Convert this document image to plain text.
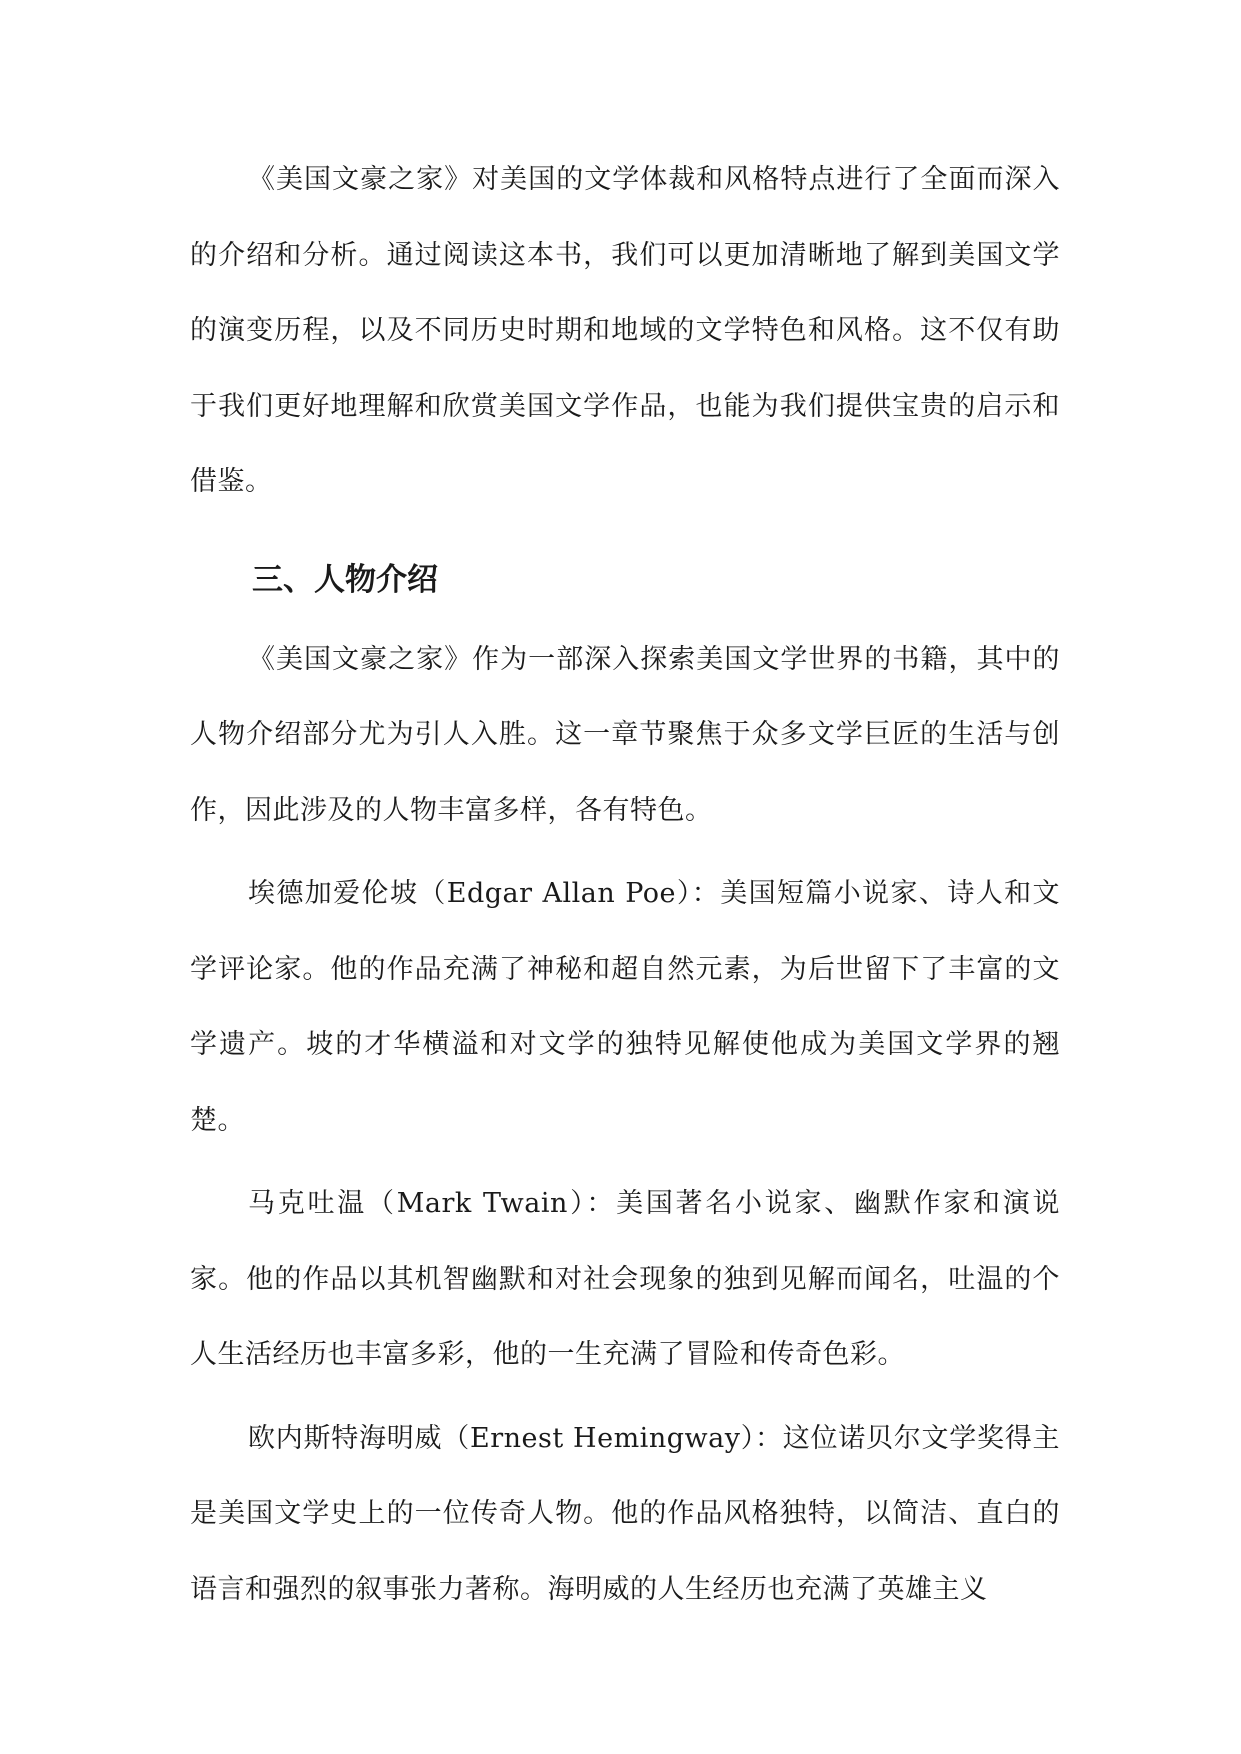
《美国文豪之家》对美国的文学体裁和风格特点进行了全面而深入的介绍和分析。通过阅读这本书，我们可以更加清晰地了解到美国文学的演变历程，以及不同历史时期和地域的文学特色和风格。这不仅有助于我们更好地理解和欣赏美国文学作品，也能为我们提供宝贵的启示和借鉴。

三、人物介绍

《美国文豪之家》作为一部深入探索美国文学世界的书籍，其中的人物介绍部分尤为引人入胜。这一章节聚焦于众多文学巨匠的生活与创作，因此涉及的人物丰富多样，各有特色。

埃德加爱伦坡（Edgar Allan Poe）：美国短篇小说家、诗人和文学评论家。他的作品充满了神秘和超自然元素，为后世留下了丰富的文学遗产。坡的才华横溢和对文学的独特见解使他成为美国文学界的翘楚。

马克吐温（Mark Twain）：美国著名小说家、幽默作家和演说家。他的作品以其机智幽默和对社会现象的独到见解而闻名，吐温的个人生活经历也丰富多彩，他的一生充满了冒险和传奇色彩。

欧内斯特海明威（Ernest Hemingway）：这位诺贝尔文学奖得主是美国文学史上的一位传奇人物。他的作品风格独特，以简洁、直白的语言和强烈的叙事张力著称。海明威的人生经历也充满了英雄主义
